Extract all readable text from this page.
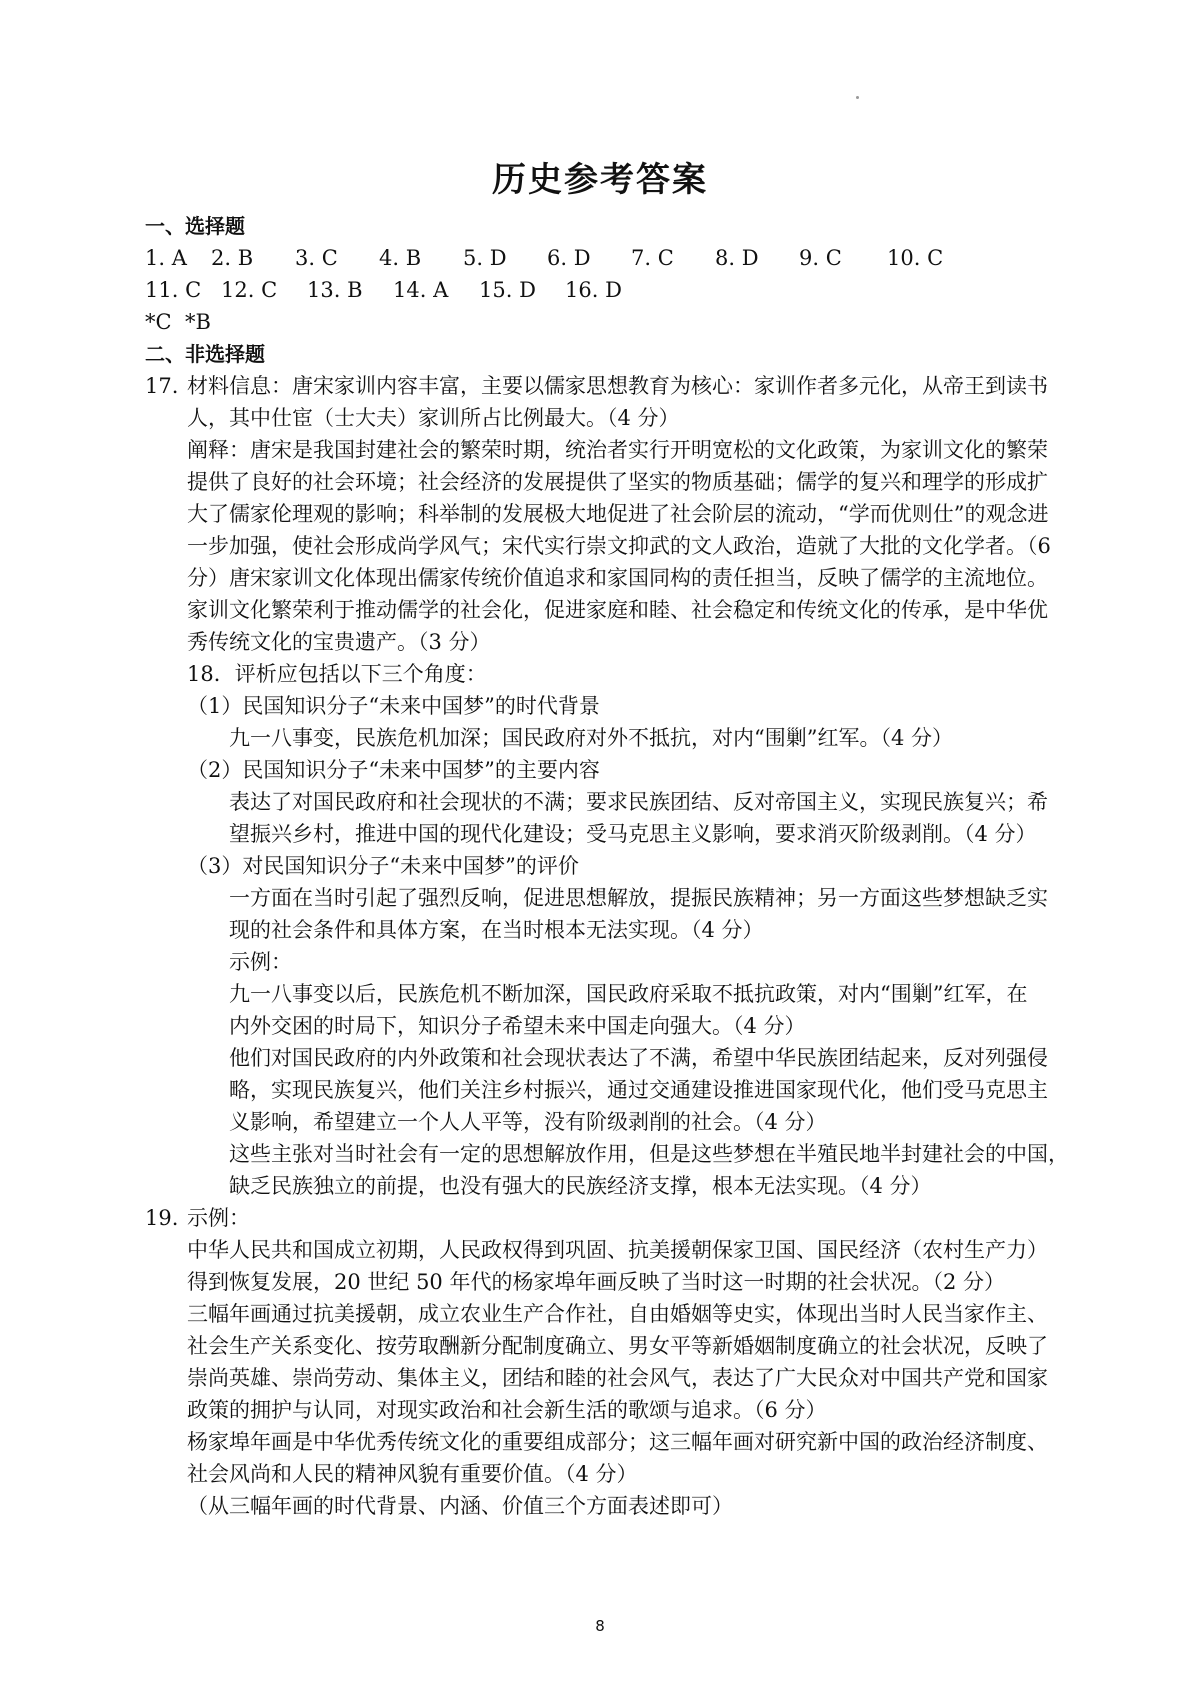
历史参考答案
一、选择题
1. A 2. B 3. C 4. B 5. D 6. D 7. C 8. D 9. C 10. C
11. C 12. C 13. B 14. A 15. D 16. D
*C *B
二、非选择题
17. 材料信息：唐宋家训内容丰富，主要以儒家思想教育为核心：家训作者多元化，从帝王到读书
人，其中仕宦（士大夫）家训所占比例最大。（4 分）
阐释：唐宋是我国封建社会的繁荣时期，统治者实行开明宽松的文化政策，为家训文化的繁荣
提供了良好的社会环境；社会经济的发展提供了坚实的物质基础；儒学的复兴和理学的形成扩
大了儒家伦理观的影响；科举制的发展极大地促进了社会阶层的流动，“学而优则仕”的观念进
一步加强，使社会形成尚学风气；宋代实行崇文抑武的文人政治，造就了大批的文化学者。（6
分）唐宋家训文化体现出儒家传统价值追求和家国同构的责任担当，反映了儒学的主流地位。
家训文化繁荣利于推动儒学的社会化，促进家庭和睦、社会稳定和传统文化的传承，是中华优
秀传统文化的宝贵遗产。（3 分）
18．评析应包括以下三个角度：
（1）民国知识分子“未来中国梦”的时代背景
九一八事变，民族危机加深；国民政府对外不抵抗，对内“围剿”红军。（4 分）
（2）民国知识分子“未来中国梦”的主要内容
表达了对国民政府和社会现状的不满；要求民族团结、反对帝国主义，实现民族复兴；希
望振兴乡村，推进中国的现代化建设；受马克思主义影响，要求消灭阶级剥削。（4 分）
（3）对民国知识分子“未来中国梦”的评价
一方面在当时引起了强烈反响，促进思想解放，提振民族精神；另一方面这些梦想缺乏实
现的社会条件和具体方案，在当时根本无法实现。（4 分）
示例：
九一八事变以后，民族危机不断加深，国民政府采取不抵抗政策，对内“围剿”红军，在
内外交困的时局下，知识分子希望未来中国走向强大。（4 分）
他们对国民政府的内外政策和社会现状表达了不满，希望中华民族团结起来，反对列强侵
略，实现民族复兴，他们关注乡村振兴，通过交通建设推进国家现代化，他们受马克思主
义影响，希望建立一个人人平等，没有阶级剥削的社会。（4 分）
这些主张对当时社会有一定的思想解放作用，但是这些梦想在半殖民地半封建社会的中国，
缺乏民族独立的前提，也没有强大的民族经济支撑，根本无法实现。（4 分）
19. 示例：
中华人民共和国成立初期，人民政权得到巩固、抗美援朝保家卫国、国民经济（农村生产力）
得到恢复发展，20 世纪 50 年代的杨家埠年画反映了当时这一时期的社会状况。（2 分）
三幅年画通过抗美援朝，成立农业生产合作社，自由婚姻等史实，体现出当时人民当家作主、
社会生产关系变化、按劳取酬新分配制度确立、男女平等新婚姻制度确立的社会状况，反映了
崇尚英雄、崇尚劳动、集体主义，团结和睦的社会风气，表达了广大民众对中国共产党和国家
政策的拥护与认同，对现实政治和社会新生活的歌颂与追求。（6 分）
杨家埠年画是中华优秀传统文化的重要组成部分；这三幅年画对研究新中国的政治经济制度、
社会风尚和人民的精神风貌有重要价值。（4 分）
（从三幅年画的时代背景、内涵、价值三个方面表述即可）
8
